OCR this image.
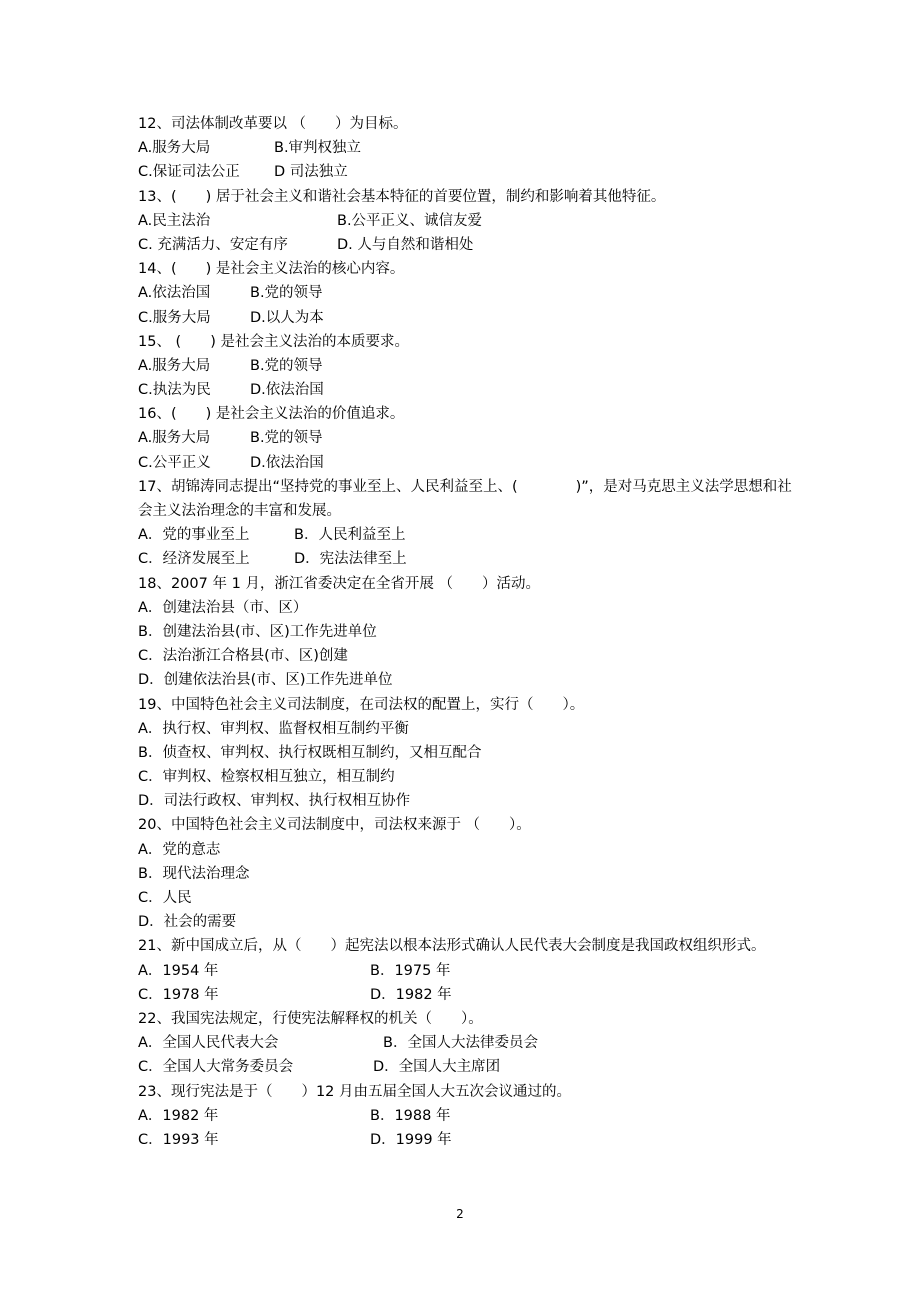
12、司法体制改革要以 （　　）为目标。
A.服务大局	B.审判权独立
C.保证司法公正 D 司法独立
13、(　　) 居于社会主义和谐社会基本特征的首要位置，制约和影响着其他特征。
A.民主法治	B.公平正义、诚信友爱
C. 充满活力、安定有序	D. 人与自然和谐相处
14、(　　) 是社会主义法治的核心内容。
A.依法治国	B.党的领导
C.服务大局	D.以人为本
15、 (　　) 是社会主义法治的本质要求。
A.服务大局	B.党的领导
C.执法为民	D.依法治国
16、(　　) 是社会主义法治的价值追求。
A.服务大局	B.党的领导
C.公平正义	D.依法治国
17、胡锦涛同志提出“坚持党的事业至上、人民利益至上、(　　　　)”，是对马克思主义法学思想和社会主义法治理念的丰富和发展。
A．党的事业至上	B．人民利益至上
C．经济发展至上	D．宪法法律至上
18、2007 年 1 月，浙江省委决定在全省开展 （　　）活动。
A．创建法治县（市、区）
B．创建法治县(市、区)工作先进单位
C．法治浙江合格县(市、区)创建
D．创建依法治县(市、区)工作先进单位
19、中国特色社会主义司法制度，在司法权的配置上，实行（　　）。
A．执行权、审判权、监督权相互制约平衡
B．侦查权、审判权、执行权既相互制约，又相互配合
C．审判权、检察权相互独立，相互制约
D．司法行政权、审判权、执行权相互协作
20、中国特色社会主义司法制度中，司法权来源于 （　　）。
A．党的意志
B．现代法治理念
C．人民
D．社会的需要
21、新中国成立后，从（　　）起宪法以根本法形式确认人民代表大会制度是我国政权组织形式。
A．1954 年	B．1975 年
C．1978 年	D．1982 年
22、我国宪法规定，行使宪法解释权的机关（　　）。
A．全国人民代表大会	B．全国人大法律委员会
C．全国人大常务委员会	D．全国人大主席团
23、现行宪法是于（　　）12 月由五届全国人大五次会议通过的。
A．1982 年	B．1988 年
C．1993 年	D．1999 年
2
